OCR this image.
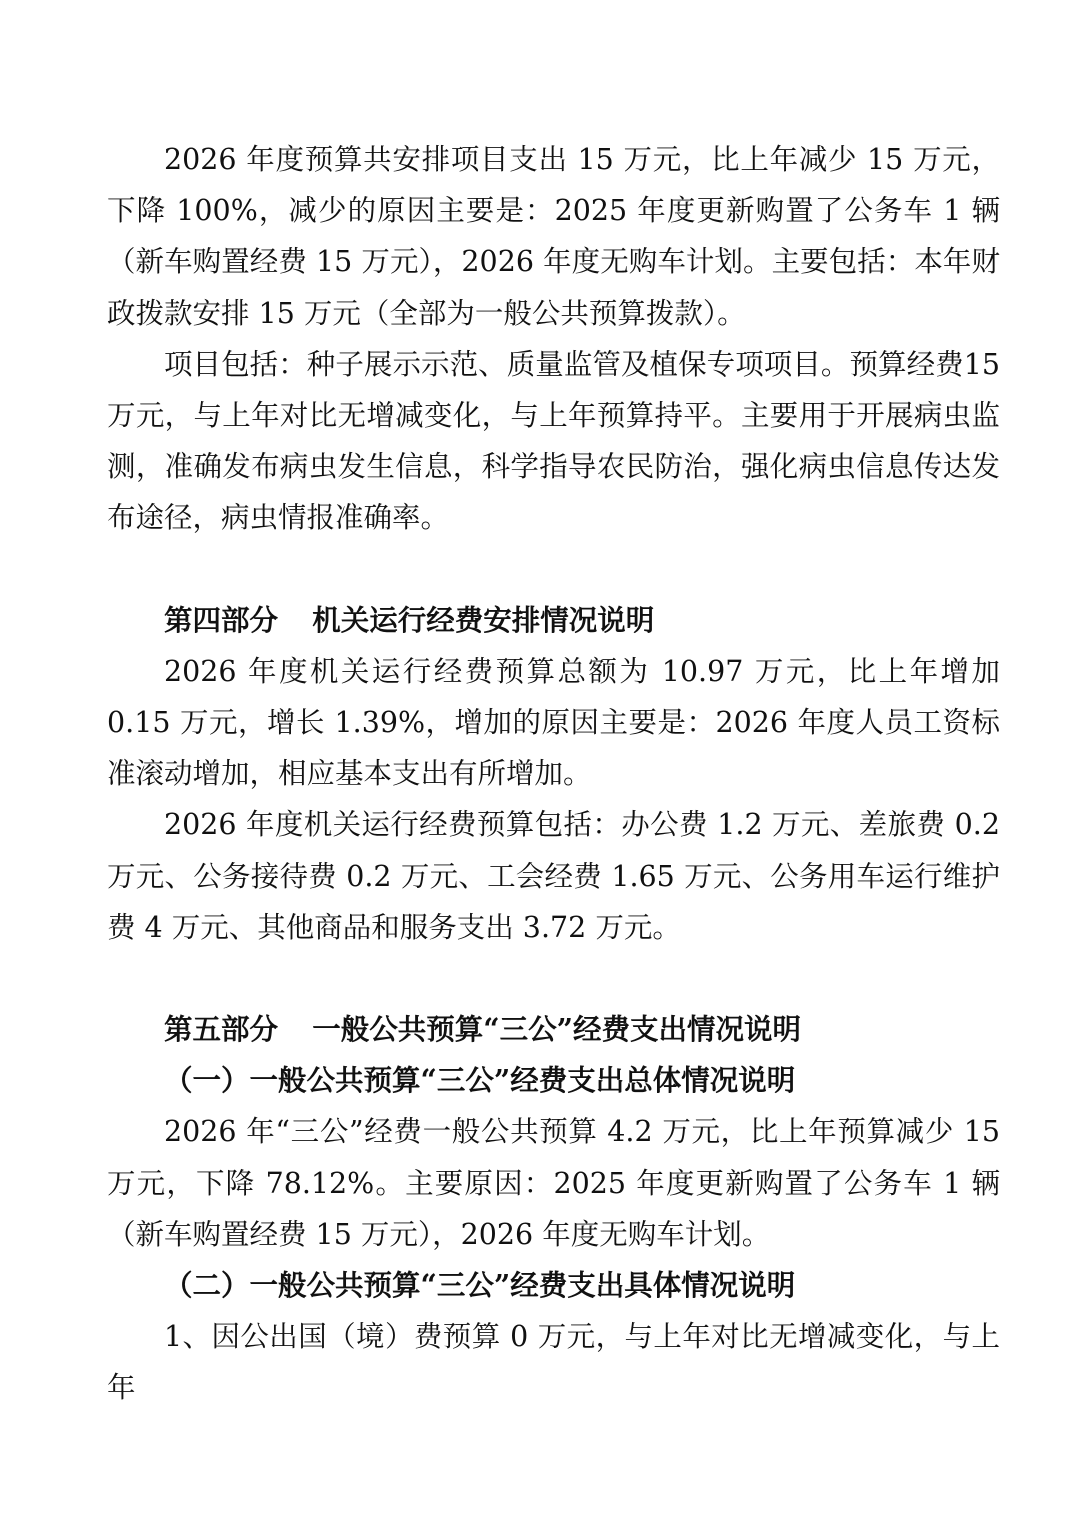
2026 年度预算共安排项目支出 15 万元，比上年减少 15 万元，下降 100%，减少的原因主要是：2025 年度更新购置了公务车 1 辆（新车购置经费 15 万元），2026 年度无购车计划。主要包括：本年财政拨款安排 15 万元（全部为一般公共预算拨款）。

项目包括：种子展示示范、质量监管及植保专项项目。预算经费15万元，与上年对比无增减变化，与上年预算持平。主要用于开展病虫监测，准确发布病虫发生信息，科学指导农民防治，强化病虫信息传达发布途径，病虫情报准确率。

第四部分 机关运行经费安排情况说明

2026 年度机关运行经费预算总额为 10.97 万元，比上年增加 0.15 万元，增长 1.39%，增加的原因主要是：2026 年度人员工资标准滚动增加，相应基本支出有所增加。

2026 年度机关运行经费预算包括：办公费 1.2 万元、差旅费 0.2 万元、公务接待费 0.2 万元、工会经费 1.65 万元、公务用车运行维护费 4 万元、其他商品和服务支出 3.72 万元。

第五部分 一般公共预算“三公”经费支出情况说明

（一）一般公共预算“三公”经费支出总体情况说明

2026 年“三公”经费一般公共预算 4.2 万元，比上年预算减少 15 万元，下降 78.12%。主要原因：2025 年度更新购置了公务车 1 辆（新车购置经费 15 万元），2026 年度无购车计划。

（二）一般公共预算“三公”经费支出具体情况说明

1、因公出国（境）费预算 0 万元，与上年对比无增减变化，与上年
